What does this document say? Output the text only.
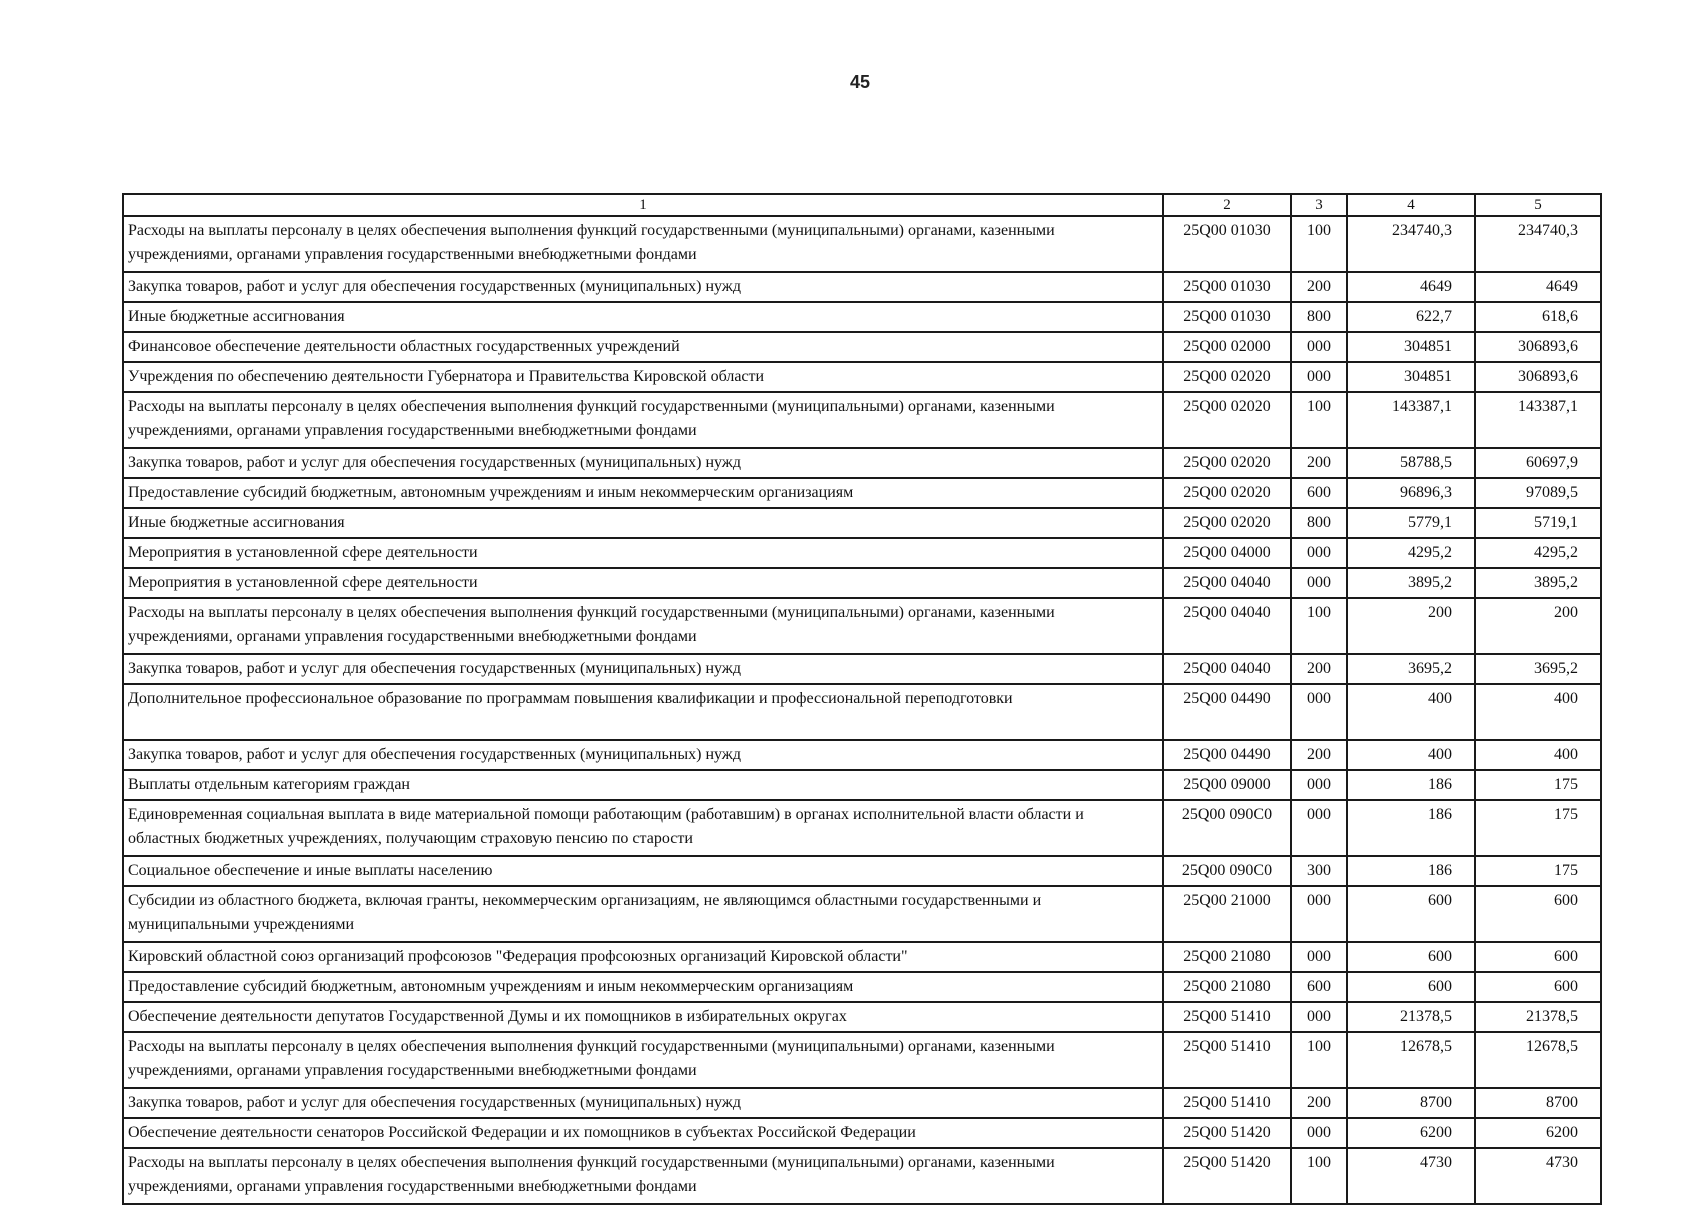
45
1	2	3	4	5
Расходы на выплаты персоналу в целях обеспечения выполнения функций государственными (муниципальными) органами, казенными учреждениями, органами управления государственными внебюджетными фондами	25Q00 01030	100	234740,3	234740,3
Закупка товаров, работ и услуг для обеспечения государственных (муниципальных) нужд	25Q00 01030	200	4649	4649
Иные бюджетные ассигнования	25Q00 01030	800	622,7	618,6
Финансовое обеспечение деятельности областных государственных учреждений	25Q00 02000	000	304851	306893,6
Учреждения по обеспечению деятельности Губернатора и Правительства Кировской области	25Q00 02020	000	304851	306893,6
Расходы на выплаты персоналу в целях обеспечения выполнения функций государственными (муниципальными) органами, казенными учреждениями, органами управления государственными внебюджетными фондами	25Q00 02020	100	143387,1	143387,1
Закупка товаров, работ и услуг для обеспечения государственных (муниципальных) нужд	25Q00 02020	200	58788,5	60697,9
Предоставление субсидий бюджетным, автономным учреждениям и иным некоммерческим организациям	25Q00 02020	600	96896,3	97089,5
Иные бюджетные ассигнования	25Q00 02020	800	5779,1	5719,1
Мероприятия в установленной сфере деятельности	25Q00 04000	000	4295,2	4295,2
Мероприятия в установленной сфере деятельности	25Q00 04040	000	3895,2	3895,2
Расходы на выплаты персоналу в целях обеспечения выполнения функций государственными (муниципальными) органами, казенными учреждениями, органами управления государственными внебюджетными фондами	25Q00 04040	100	200	200
Закупка товаров, работ и услуг для обеспечения государственных (муниципальных) нужд	25Q00 04040	200	3695,2	3695,2
Дополнительное профессиональное образование по программам повышения квалификации и профессиональной переподготовки	25Q00 04490	000	400	400
Закупка товаров, работ и услуг для обеспечения государственных (муниципальных) нужд	25Q00 04490	200	400	400
Выплаты отдельным категориям граждан	25Q00 09000	000	186	175
Единовременная социальная выплата в виде материальной помощи работающим (работавшим) в органах исполнительной власти области и областных бюджетных учреждениях, получающим страховую пенсию по старости	25Q00 090C0	000	186	175
Социальное обеспечение и иные выплаты населению	25Q00 090C0	300	186	175
Субсидии из областного бюджета, включая гранты, некоммерческим организациям, не являющимся областными государственными и муниципальными учреждениями	25Q00 21000	000	600	600
Кировский областной союз организаций профсоюзов "Федерация профсоюзных организаций Кировской области"	25Q00 21080	000	600	600
Предоставление субсидий бюджетным, автономным учреждениям и иным некоммерческим организациям	25Q00 21080	600	600	600
Обеспечение деятельности депутатов Государственной Думы и их помощников в избирательных округах	25Q00 51410	000	21378,5	21378,5
Расходы на выплаты персоналу в целях обеспечения выполнения функций государственными (муниципальными) органами, казенными учреждениями, органами управления государственными внебюджетными фондами	25Q00 51410	100	12678,5	12678,5
Закупка товаров, работ и услуг для обеспечения государственных (муниципальных) нужд	25Q00 51410	200	8700	8700
Обеспечение деятельности сенаторов Российской Федерации и их помощников в субъектах Российской Федерации	25Q00 51420	000	6200	6200
Расходы на выплаты персоналу в целях обеспечения выполнения функций государственными (муниципальными) органами, казенными учреждениями, органами управления государственными внебюджетными фондами	25Q00 51420	100	4730	4730
